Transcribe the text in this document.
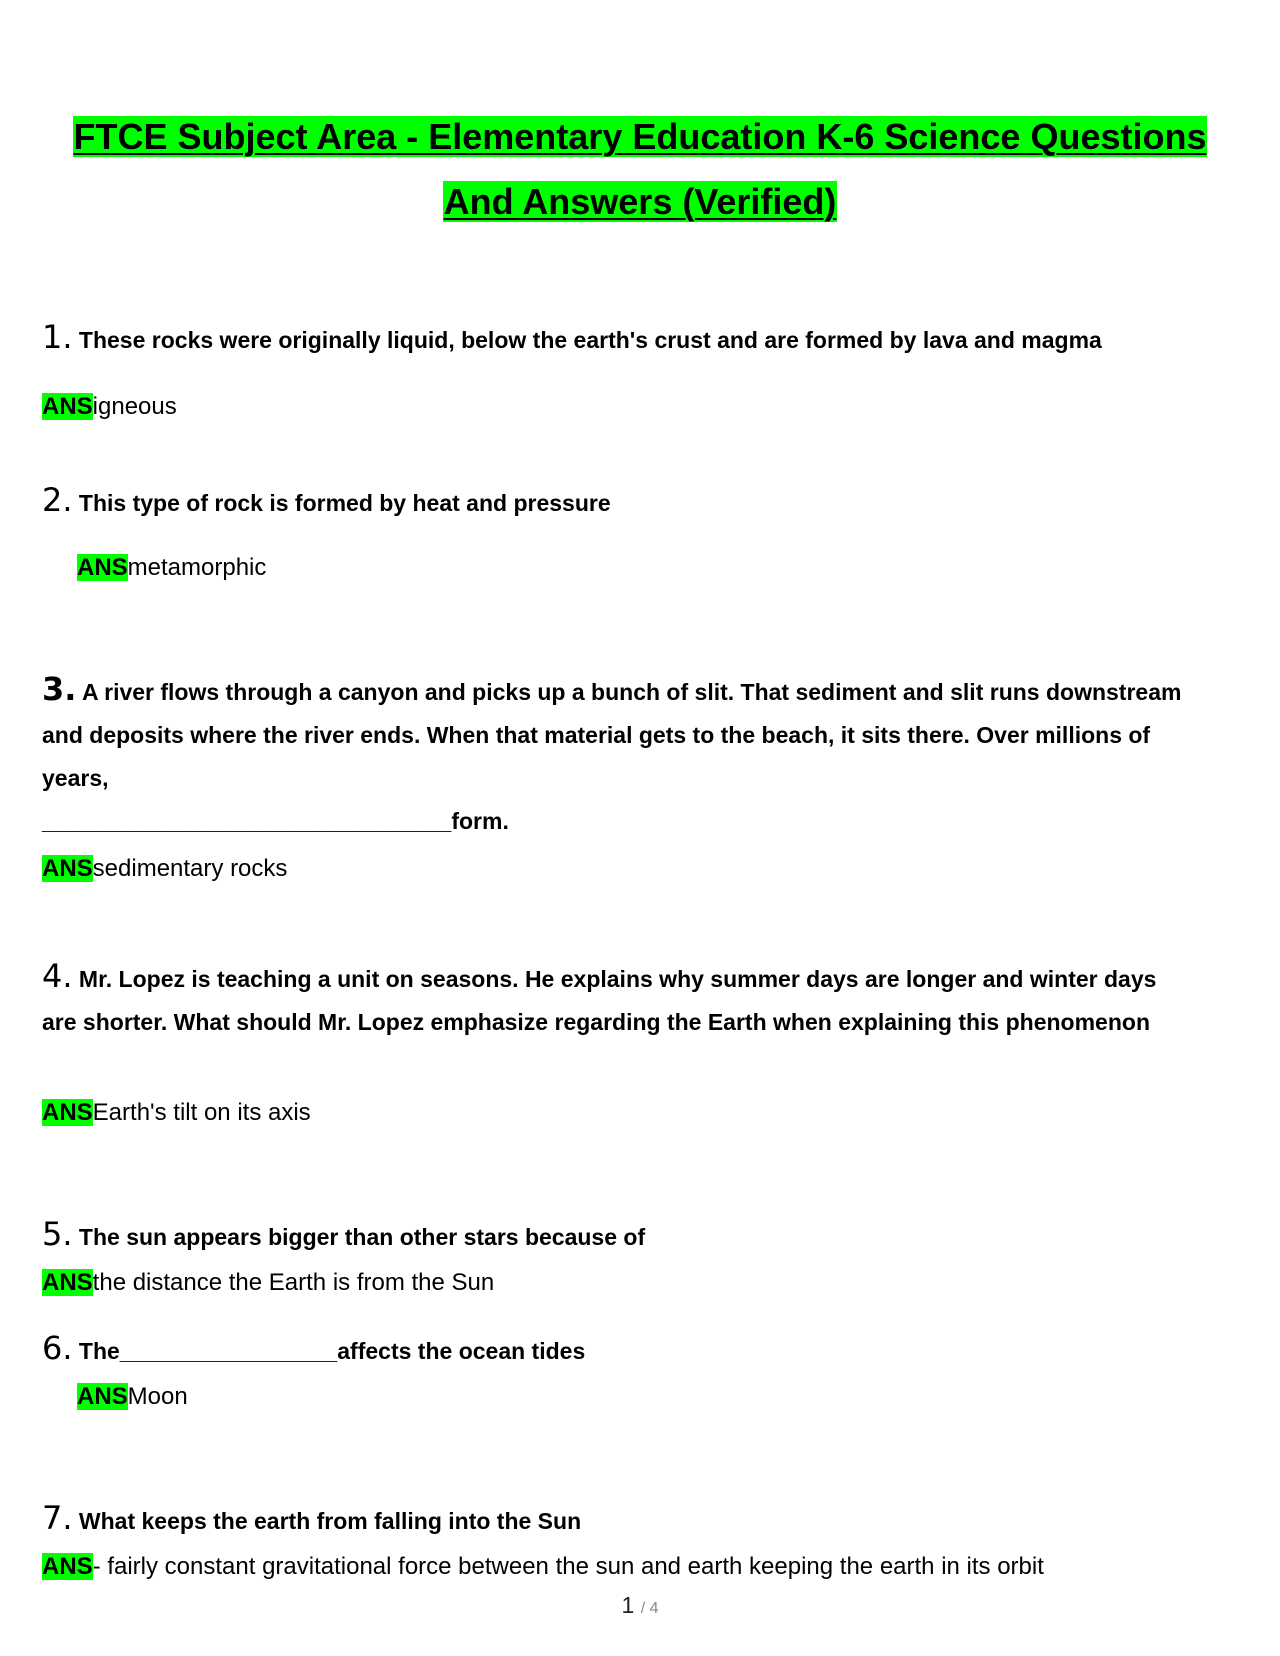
FTCE Subject Area - Elementary Education K-6 Science Questions
And Answers (Verified)

1. These rocks were originally liquid, below the earth's crust and are formed by lava and magma

ANSigneous

2. This type of rock is formed by heat and pressure

ANSmetamorphic

3. A river flows through a canyon and picks up a bunch of slit. That sediment and slit runs downstream and deposits where the river ends. When that material gets to the beach, it sits there. Over millions of years,
________________________________form.

ANSsedimentary rocks

4. Mr. Lopez is teaching a unit on seasons. He explains why summer days are longer and winter days are shorter. What should Mr. Lopez emphasize regarding the Earth when explaining this phenomenon

ANSEarth's tilt on its axis

5. The sun appears bigger than other stars because of

ANSthe distance the Earth is from the Sun

6. The_________________affects the ocean tides

ANSMoon

7. What keeps the earth from falling into the Sun

ANS- fairly constant gravitational force between the sun and earth keeping the earth in its orbit

1 / 4
